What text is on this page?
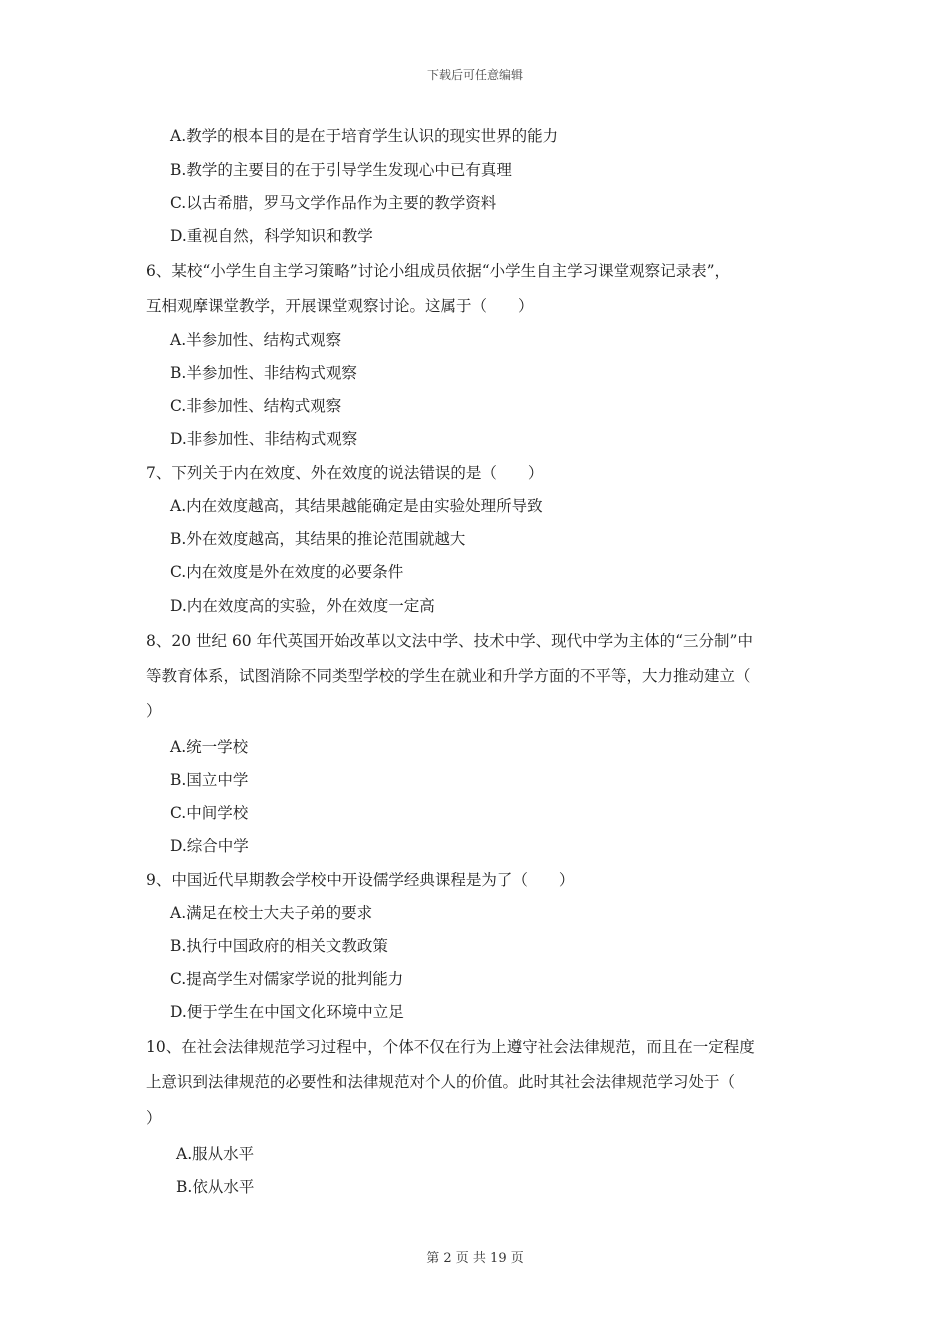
下载后可任意编辑
A.教学的根本目的是在于培育学生认识的现实世界的能力
B.教学的主要目的在于引导学生发现心中已有真理
C.以古希腊，罗马文学作品作为主要的教学资料
D.重视自然，科学知识和教学
6、某校“小学生自主学习策略”讨论小组成员依据“小学生自主学习课堂观察记录表”，
互相观摩课堂教学，开展课堂观察讨论。这属于（　　）
A.半参加性、结构式观察
B.半参加性、非结构式观察
C.非参加性、结构式观察
D.非参加性、非结构式观察
7、下列关于内在效度、外在效度的说法错误的是（　　）
A.内在效度越高，其结果越能确定是由实验处理所导致
B.外在效度越高，其结果的推论范围就越大
C.内在效度是外在效度的必要条件
D.内在效度高的实验，外在效度一定高
8、20 世纪 60 年代英国开始改革以文法中学、技术中学、现代中学为主体的“三分制”中
等教育体系，试图消除不同类型学校的学生在就业和升学方面的不平等，大力推动建立（
）
A.统一学校
B.国立中学
C.中间学校
D.综合中学
9、中国近代早期教会学校中开设儒学经典课程是为了（　　）
A.满足在校士大夫子弟的要求
B.执行中国政府的相关文教政策
C.提高学生对儒家学说的批判能力
D.便于学生在中国文化环境中立足
10、在社会法律规范学习过程中，个体不仅在行为上遵守社会法律规范，而且在一定程度
上意识到法律规范的必要性和法律规范对个人的价值。此时其社会法律规范学习处于（
）
A.服从水平
B.依从水平
第 2 页 共 19 页
